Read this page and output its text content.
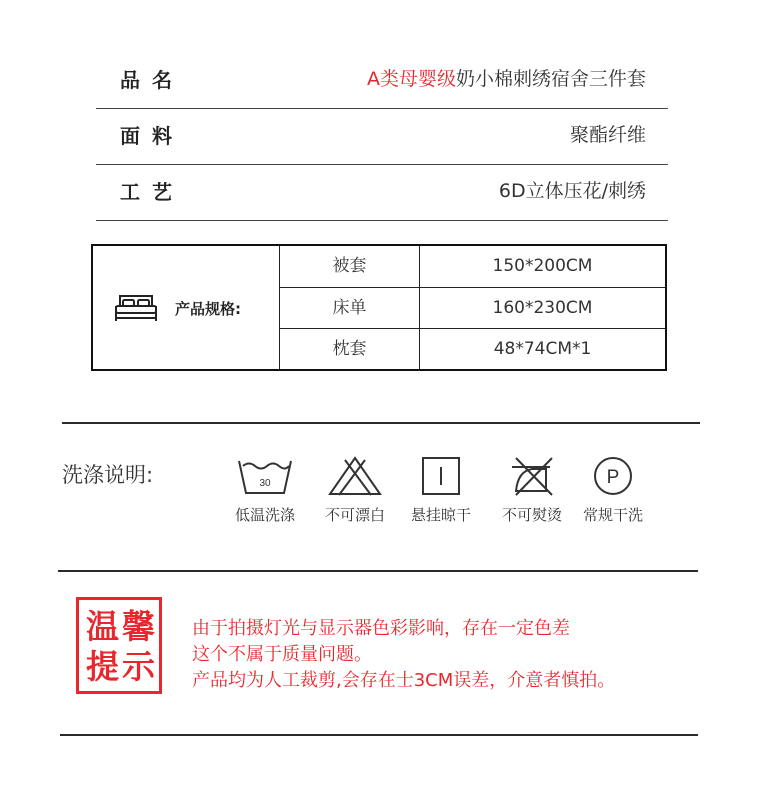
品名	A类母婴级奶小棉刺绣宿舍三件套
面料	聚酯纤维
工艺	6D立体压花/刺绣
产品规格:
被套	150*200CM
床单	160*230CM
枕套	48*74CM*1
洗涤说明:	30
低温洗涤	不可漂白	悬挂晾干	不可熨烫
P
常规干洗
温 馨
提 示
由于拍摄灯光与显示器色彩影响，存在一定色差
这个不属于质量问题。
产品均为人工裁剪,会存在士3CM误差，介意者慎拍。
